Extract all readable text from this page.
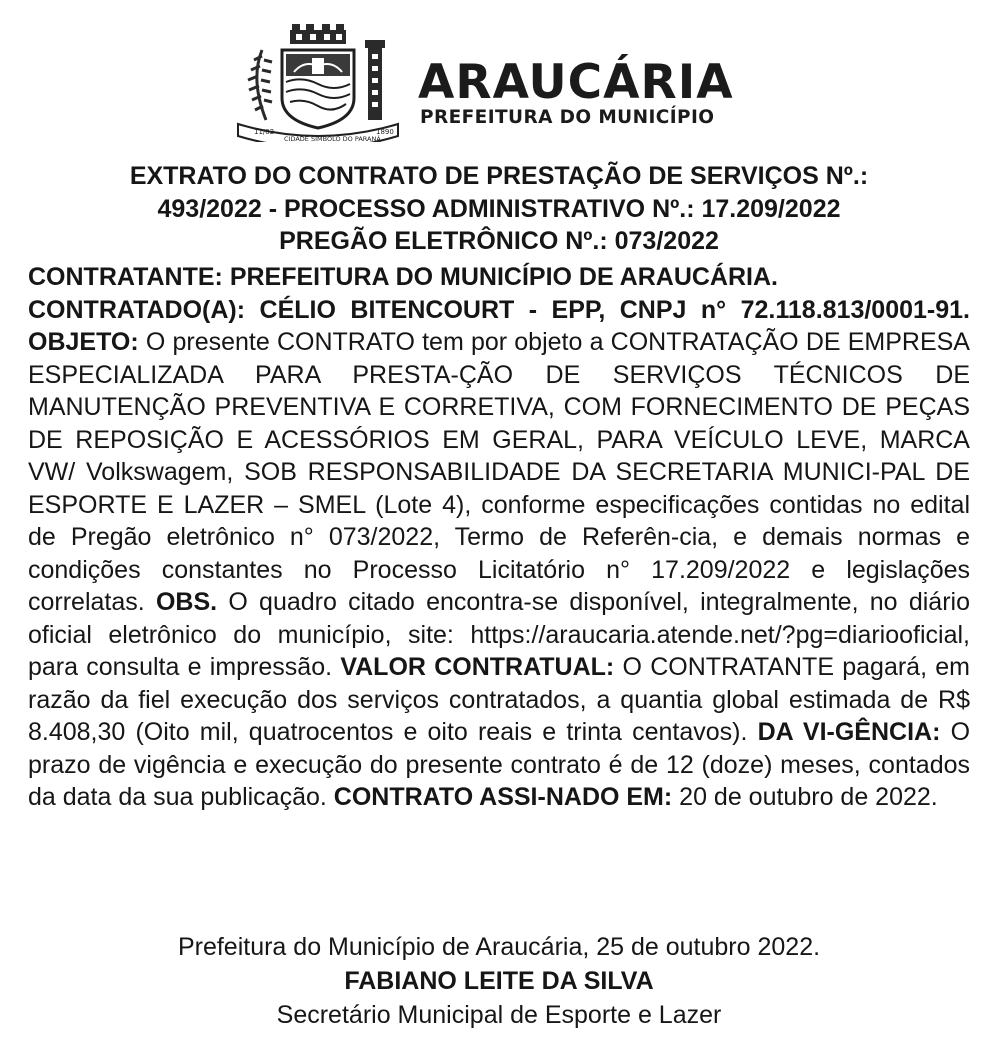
11/02
CIDADE SÍMBOLO DO PARANÁ
1890
ARAUCÁRIA
PREFEITURA DO MUNICÍPIO
EXTRATO DO CONTRATO DE PRESTAÇÃO DE SERVIÇOS Nº.:
493/2022 - PROCESSO ADMINISTRATIVO Nº.: 17.209/2022
PREGÃO ELETRÔNICO Nº.: 073/2022

CONTRATANTE: PREFEITURA DO MUNICÍPIO DE ARAUCÁRIA.

CONTRATADO(A): CÉLIO BITENCOURT - EPP, CNPJ n° 72.118.813/0001-91. OBJETO: O presente CONTRATO tem por objeto a CONTRATAÇÃO DE EMPRESA ESPECIALIZADA PARA PRESTA-ÇÃO DE SERVIÇOS TÉCNICOS DE MANUTENÇÃO PREVENTIVA E CORRETIVA, COM FORNECIMENTO DE PEÇAS DE REPOSIÇÃO E ACESSÓRIOS EM GERAL, PARA VEÍCULO LEVE, MARCA VW/ Volkswagem, SOB RESPONSABILIDADE DA SECRETARIA MUNICI-PAL DE ESPORTE E LAZER – SMEL (Lote 4), conforme especificações contidas no edital de Pregão eletrônico n° 073/2022, Termo de Referên-cia, e demais normas e condições constantes no Processo Licitatório n° 17.209/2022 e legislações correlatas. OBS. O quadro citado encontra-se disponível, integralmente, no diário oficial eletrônico do município, site: https://araucaria.atende.net/?pg=diariooficial, para consulta e impressão. VALOR CONTRATUAL: O CONTRATANTE pagará, em razão da fiel execução dos serviços contratados, a quantia global estimada de R$ 8.408,30 (Oito mil, quatrocentos e oito reais e trinta centavos). DA VI-GÊNCIA: O prazo de vigência e execução do presente contrato é de 12 (doze) meses, contados da data da sua publicação. CONTRATO ASSI-NADO EM: 20 de outubro de 2022.

Prefeitura do Município de Araucária, 25 de outubro 2022.
FABIANO LEITE DA SILVA
Secretário Municipal de Esporte e Lazer
